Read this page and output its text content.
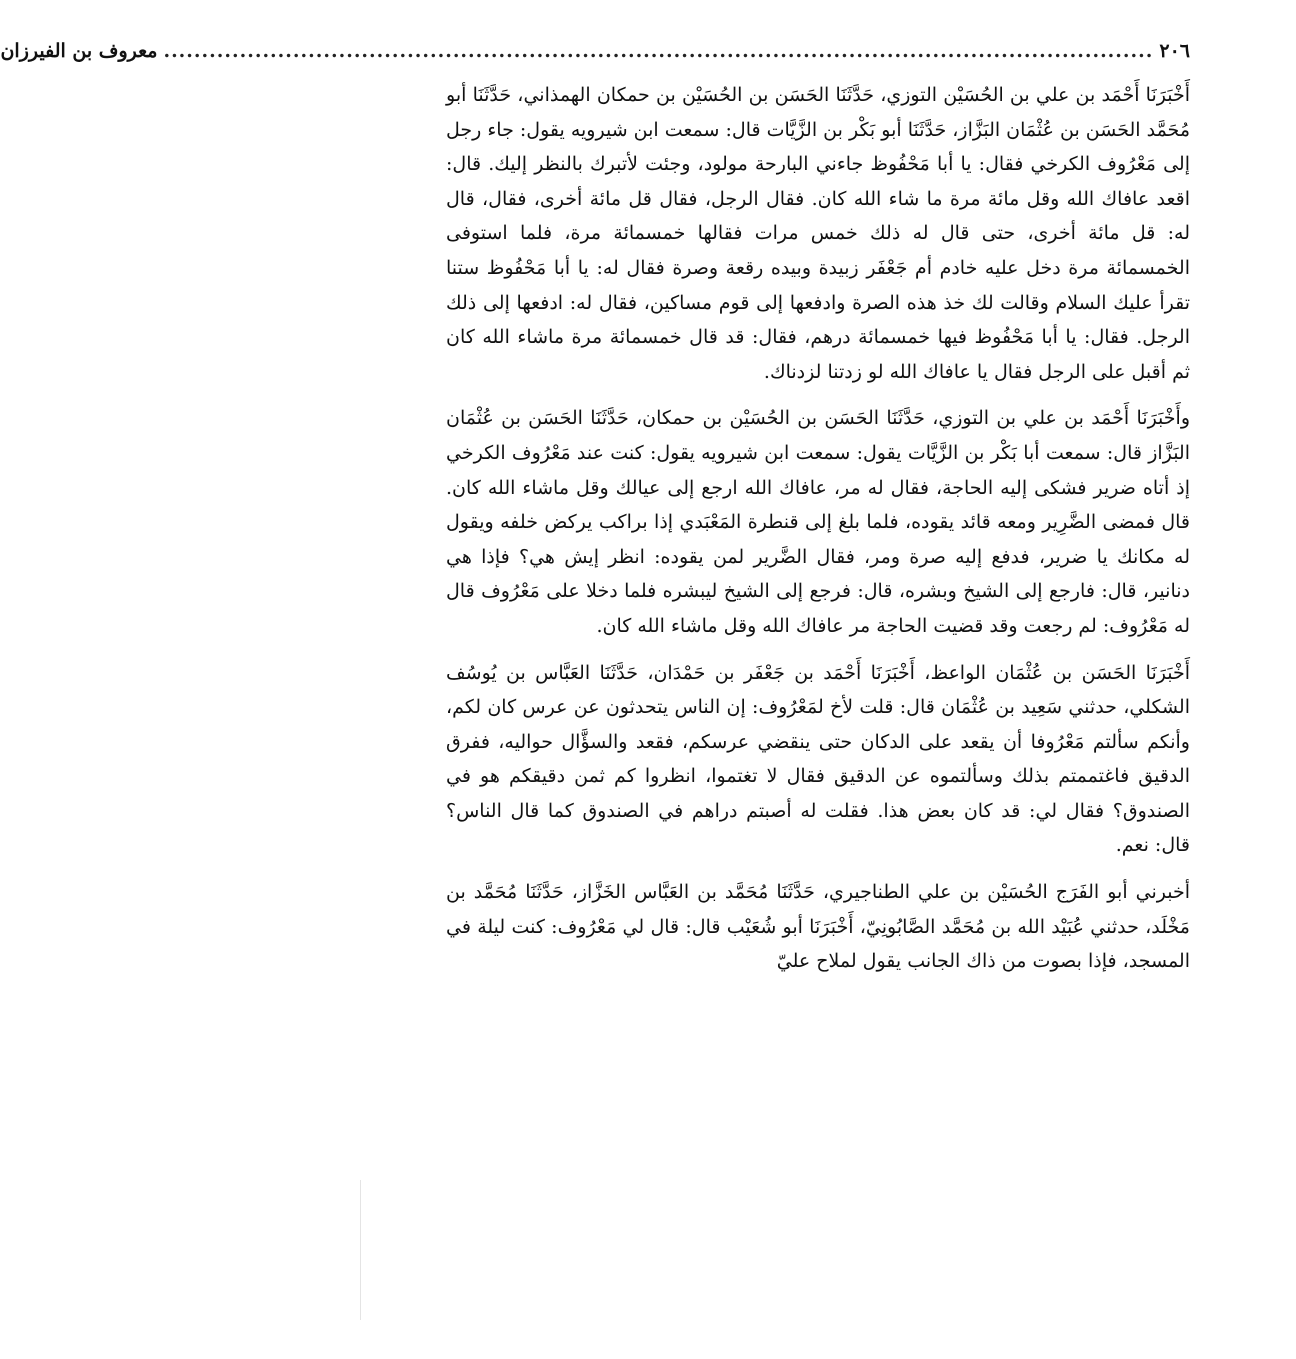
٢٠٦
..................................................................................................................................
معروف بن الفيرزان

أَخْبَرَنَا أَحْمَد بن علي بن الحُسَيْن التوزي، حَدَّثَنَا الحَسَن بن الحُسَيْن بن حمكان الهمذاني، حَدَّثَنَا أبو مُحَمَّد الحَسَن بن عُثْمَان البَزَّاز، حَدَّثَنَا أبو بَكْر بن الزَّيَّات قال: سمعت ابن شيرويه يقول: جاء رجل إلى مَعْرُوف الكرخي فقال: يا أبا مَحْفُوظ جاءني البارحة مولود، وجئت لأتبرك بالنظر إليك. قال: اقعد عافاك الله وقل مائة مرة ما شاء الله كان. فقال الرجل، فقال قل مائة أخرى، فقال، قال له: قل مائة أخرى، حتى قال له ذلك خمس مرات فقالها خمسمائة مرة، فلما استوفى الخمسمائة مرة دخل عليه خادم أم جَعْفَر زبيدة وبيده رقعة وصرة فقال له: يا أبا مَحْفُوظ ستنا تقرأ عليك السلام وقالت لك خذ هذه الصرة وادفعها إلى قوم مساكين، فقال له: ادفعها إلى ذلك الرجل. فقال: يا أبا مَحْفُوظ فيها خمسمائة درهم، فقال: قد قال خمسمائة مرة ماشاء الله كان ثم أقبل على الرجل فقال يا عافاك الله لو زدتنا لزدناك.

وأَخْبَرَنَا أَحْمَد بن علي بن التوزي، حَدَّثَنَا الحَسَن بن الحُسَيْن بن حمكان، حَدَّثَنَا الحَسَن بن عُثْمَان البَزَّاز قال: سمعت أبا بَكْر بن الزَّيَّات يقول: سمعت ابن شيرويه يقول: كنت عند مَعْرُوف الكرخي إذ أتاه ضرير فشكى إليه الحاجة، فقال له مر، عافاك الله ارجع إلى عيالك وقل ماشاء الله كان. قال فمضى الضَّرِير ومعه قائد يقوده، فلما بلغ إلى قنطرة المَعْبَدي إذا براكب يركض خلفه ويقول له مكانك يا ضرير، فدفع إليه صرة ومر، فقال الضَّرير لمن يقوده: انظر إيش هي؟ فإذا هي دنانير، قال: فارجع إلى الشيخ وبشره، قال: فرجع إلى الشيخ ليبشره فلما دخلا على مَعْرُوف قال له مَعْرُوف: لم رجعت وقد قضيت الحاجة مر عافاك الله وقل ماشاء الله كان.

أَخْبَرَنَا الحَسَن بن عُثْمَان الواعظ، أَخْبَرَنَا أَحْمَد بن جَعْفَر بن حَمْدَان، حَدَّثَنَا العَبَّاس بن يُوسُف الشكلي، حدثني سَعِيد بن عُثْمَان قال: قلت لأخ لمَعْرُوف: إن الناس يتحدثون عن عرس كان لكم، وأنكم سألتم مَعْرُوفا أن يقعد على الدكان حتى ينقضي عرسكم، فقعد والسؤَّال حواليه، ففرق الدقيق فاغتممتم بذلك وسألتموه عن الدقيق فقال لا تغتموا، انظروا كم ثمن دقيقكم هو في الصندوق؟ فقال لي: قد كان بعض هذا. فقلت له أصبتم دراهم في الصندوق كما قال الناس؟ قال: نعم.

أخبرني أبو الفَرَج الحُسَيْن بن علي الطناجيري، حَدَّثَنَا مُحَمَّد بن العَبَّاس الخَزَّاز، حَدَّثَنَا مُحَمَّد بن مَخْلَد، حدثني عُبَيْد الله بن مُحَمَّد الصَّابُونِيّ، أَخْبَرَنَا أبو شُعَيْب قال: قال لي مَعْرُوف: كنت ليلة في المسجد، فإذا بصوت من ذاك الجانب يقول لملاح عليّ
